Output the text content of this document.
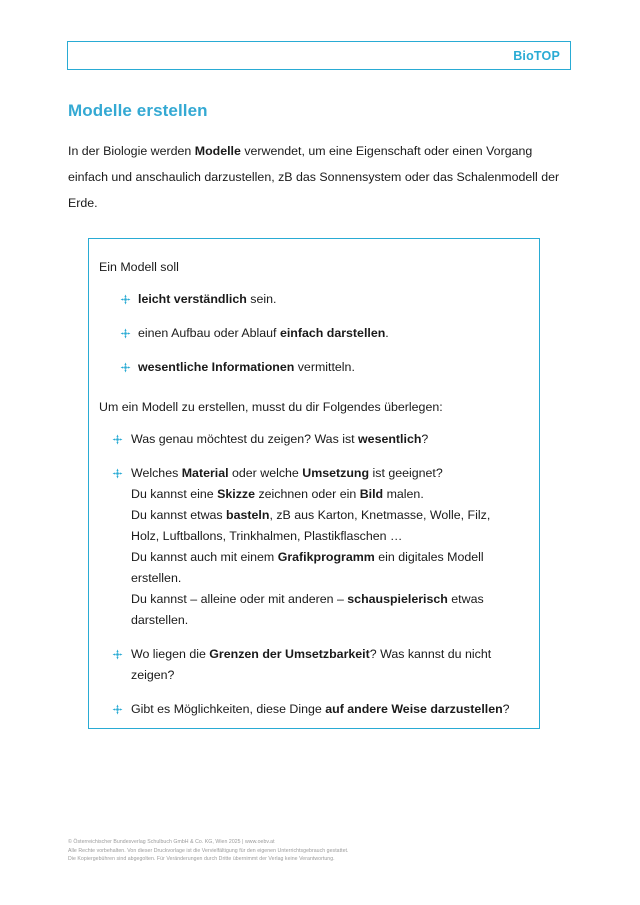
BioTOP
Modelle erstellen
In der Biologie werden Modelle verwendet, um eine Eigenschaft oder einen Vorgang einfach und anschaulich darzustellen, zB das Sonnensystem oder das Schalenmodell der Erde.
Ein Modell soll
leicht verständlich sein.
einen Aufbau oder Ablauf einfach darstellen.
wesentliche Informationen vermitteln.
Um ein Modell zu erstellen, musst du dir Folgendes überlegen:
Was genau möchtest du zeigen? Was ist wesentlich?
Welches Material oder welche Umsetzung ist geeignet?
Du kannst eine Skizze zeichnen oder ein Bild malen.
Du kannst etwas basteln, zB aus Karton, Knetmasse, Wolle, Filz,
Holz, Luftballons, Trinkhalmen, Plastikflaschen …
Du kannst auch mit einem Grafikprogramm ein digitales Modell
erstellen.
Du kannst – alleine oder mit anderen – schauspielerisch etwas
darstellen.
Wo liegen die Grenzen der Umsetzbarkeit? Was kannst du nicht
zeigen?
Gibt es Möglichkeiten, diese Dinge auf andere Weise darzustellen?
© Österreichischer Bundesverlag Schulbuch GmbH & Co. KG, Wien 2025 | www.oebv.at
Alle Rechte vorbehalten. Von dieser Druckvorlage ist die Vervielfältigung für den eigenen Unterrichtsgebrauch gestattet.
Die Kopiergebühren sind abgegolten. Für Veränderungen durch Dritte übernimmt der Verlag keine Verantwortung.
